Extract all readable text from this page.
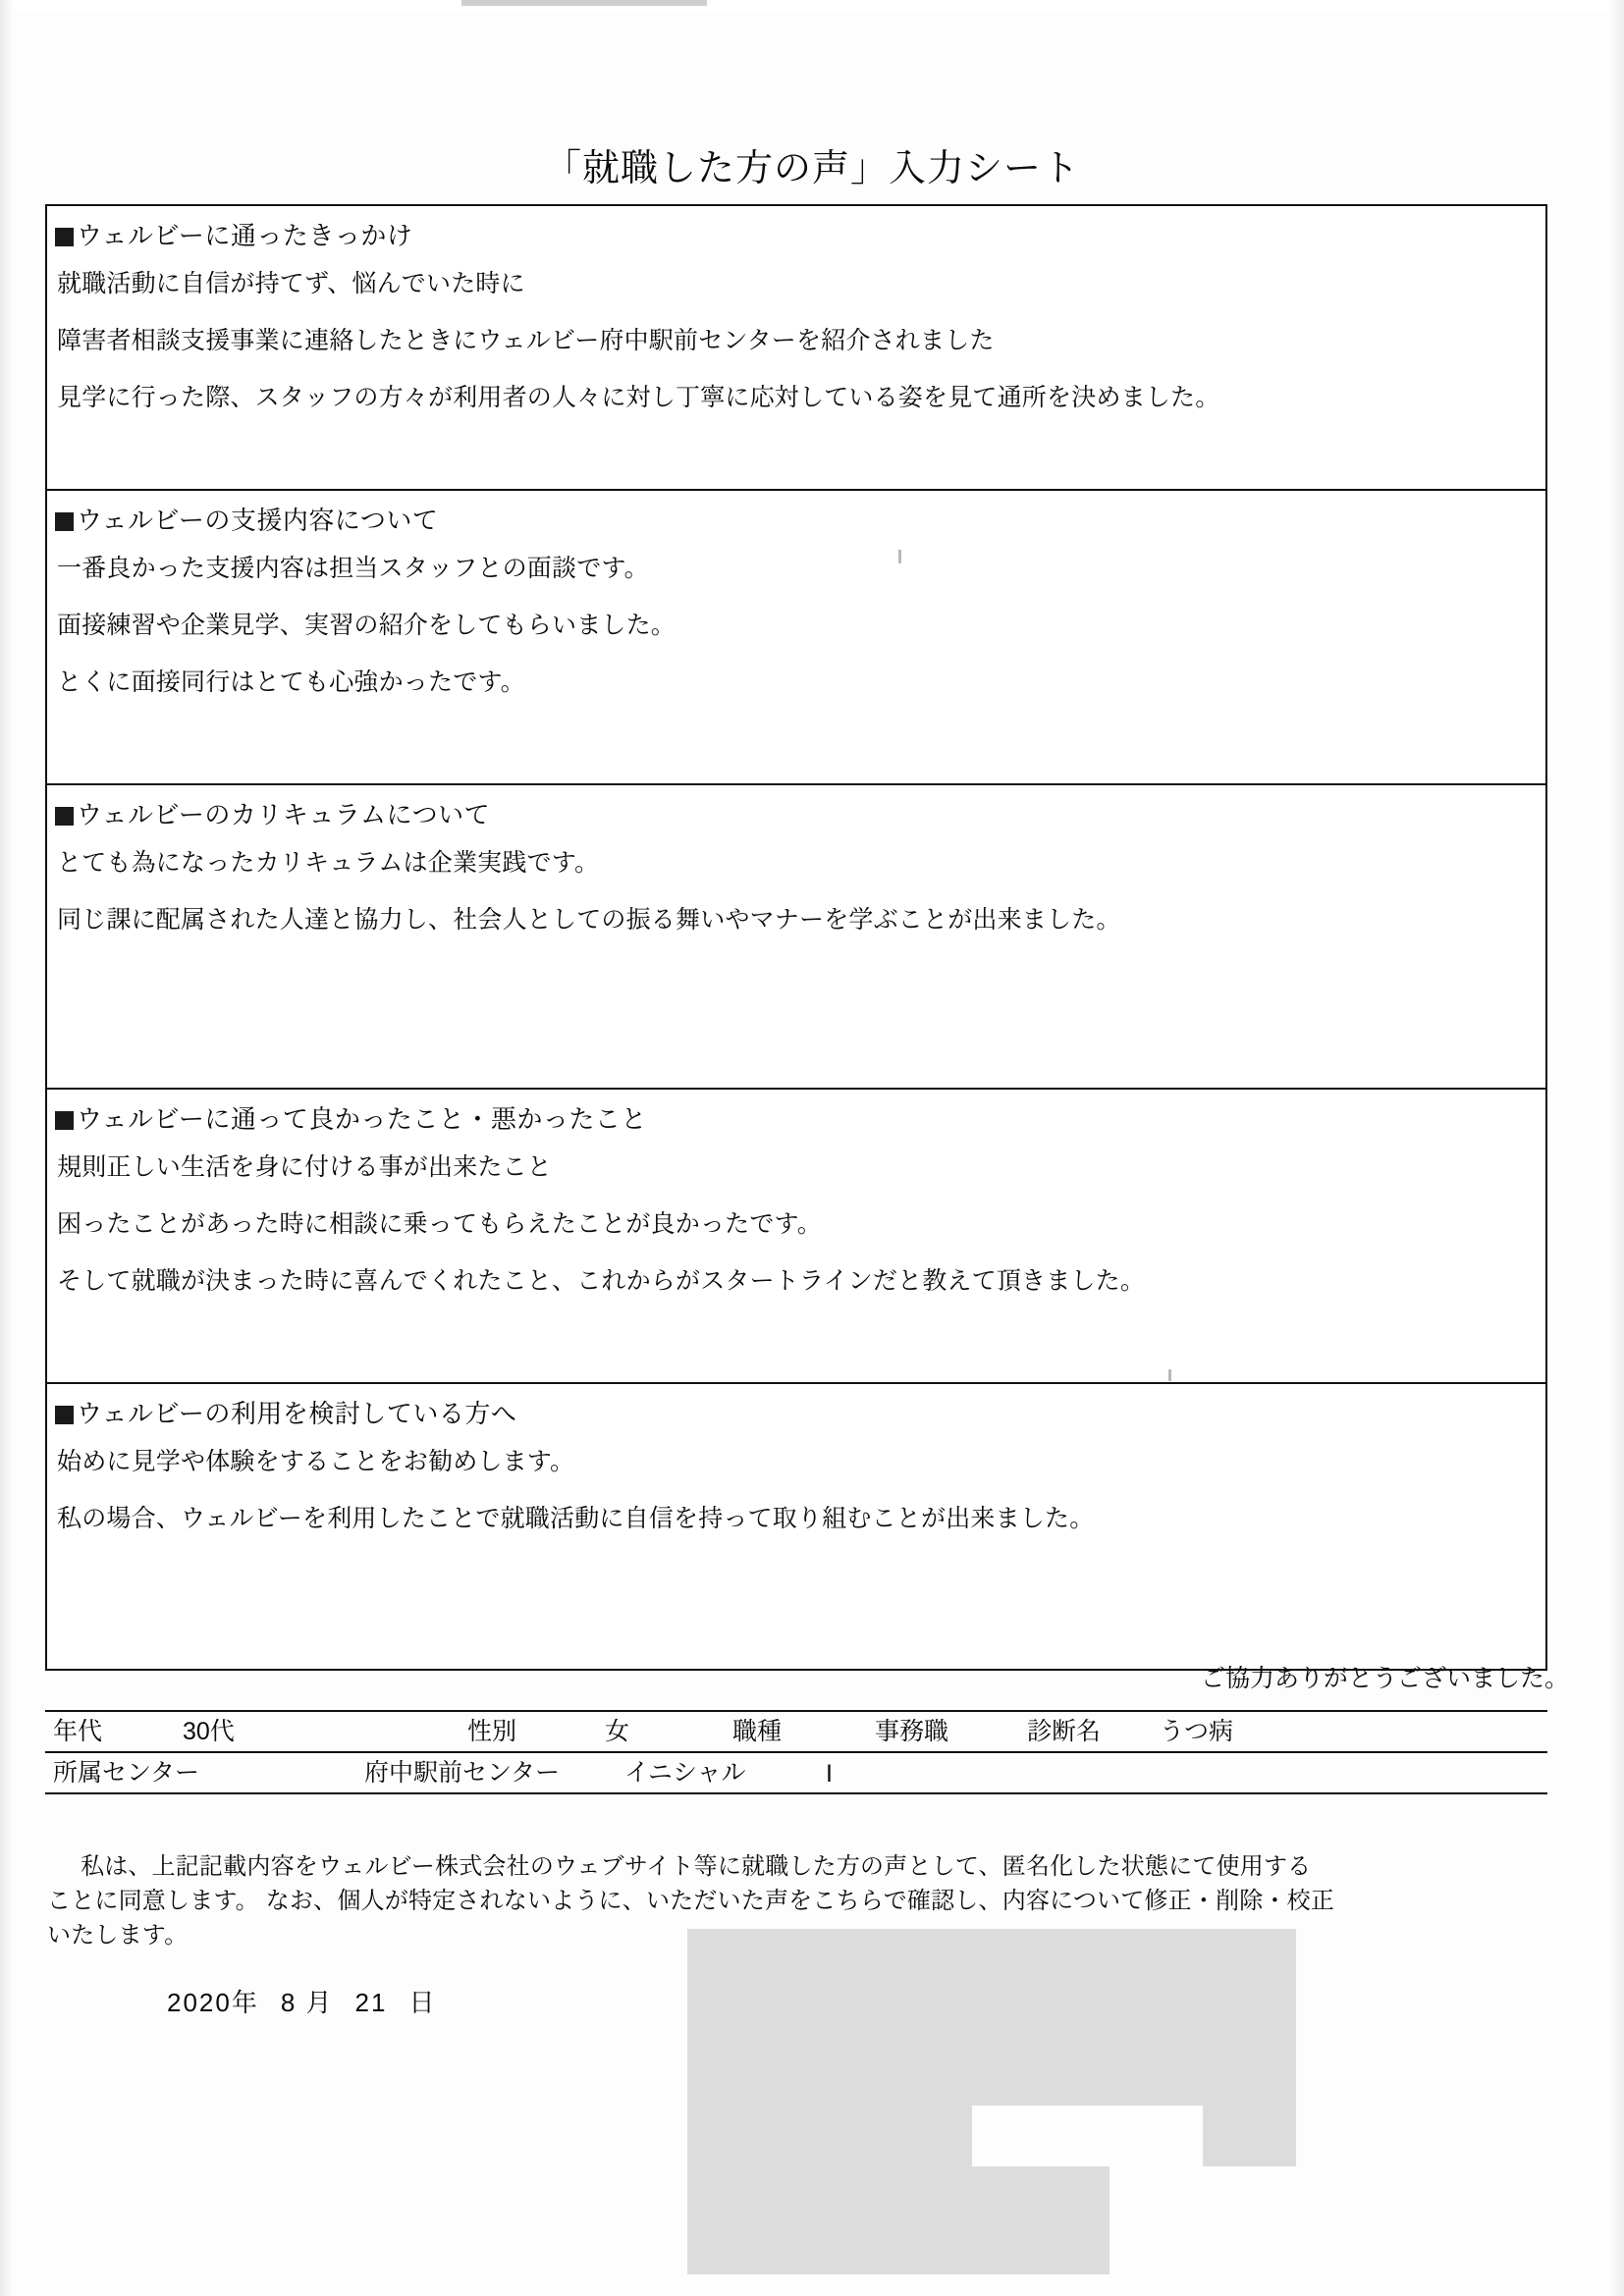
「就職した方の声」入力シート
ウェルビーに通ったきっかけ
就職活動に自信が持てず、悩んでいた時に
障害者相談支援事業に連絡したときにウェルビー府中駅前センターを紹介されました
見学に行った際、スタッフの方々が利用者の人々に対し丁寧に応対している姿を見て通所を決めました。
ウェルビーの支援内容について
一番良かった支援内容は担当スタッフとの面談です。
面接練習や企業見学、実習の紹介をしてもらいました。
とくに面接同行はとても心強かったです。
ウェルビーのカリキュラムについて
とても為になったカリキュラムは企業実践です。
同じ課に配属された人達と協力し、社会人としての振る舞いやマナーを学ぶことが出来ました。
ウェルビーに通って良かったこと・悪かったこと
規則正しい生活を身に付ける事が出来たこと
困ったことがあった時に相談に乗ってもらえたことが良かったです。
そして就職が決まった時に喜んでくれたこと、これからがスタートラインだと教えて頂きました。
ウェルビーの利用を検討している方へ
始めに見学や体験をすることをお勧めします。
私の場合、ウェルビーを利用したことで就職活動に自信を持って取り組むことが出来ました。
ご協力ありがとうございました。
年代	30代	性別	女	職種	事務職	診断名 うつ病
所属センター	府中駅前センター	イニシャル	I
私は、上記記載内容をウェルビー株式会社のウェブサイト等に就職した方の声として、匿名化した状態にて使用する
ことに同意します。 なお、個人が特定されないように、いただいた声をこちらで確認し、内容について修正・削除・校正
いたします。
2020年 8 月 21 日
